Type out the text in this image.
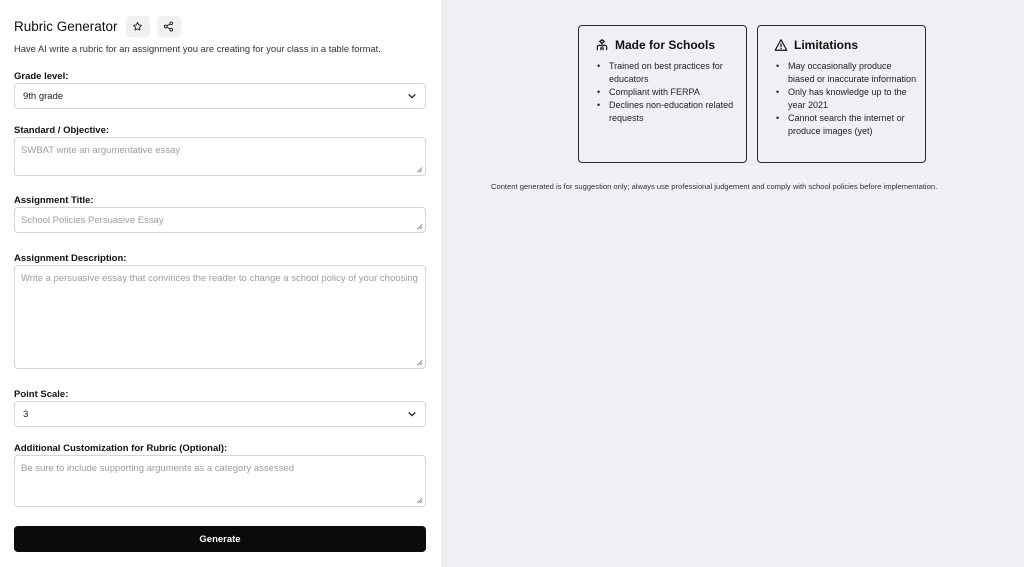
Rubric Generator
Have AI write a rubric for an assignment you are creating for your class in a table format.
Grade level:
9th grade
Standard / Objective:
SWBAT write an argumentative essay
Assignment Title:
School Policies Persuasive Essay
Assignment Description:
Write a persuasive essay that convinces the reader to change a school policy of your choosing
Point Scale:
3
Additional Customization for Rubric (Optional):
Be sure to include supporting arguments as a category assessed
Generate
Made for Schools
• Trained on best practices for educators
• Compliant with FERPA
• Declines non-education related requests
Limitations
• May occasionally produce biased or inaccurate information
• Only has knowledge up to the year 2021
• Cannot search the internet or produce images (yet)
Content generated is for suggestion only; always use professional judgement and comply with school policies before implementation.
